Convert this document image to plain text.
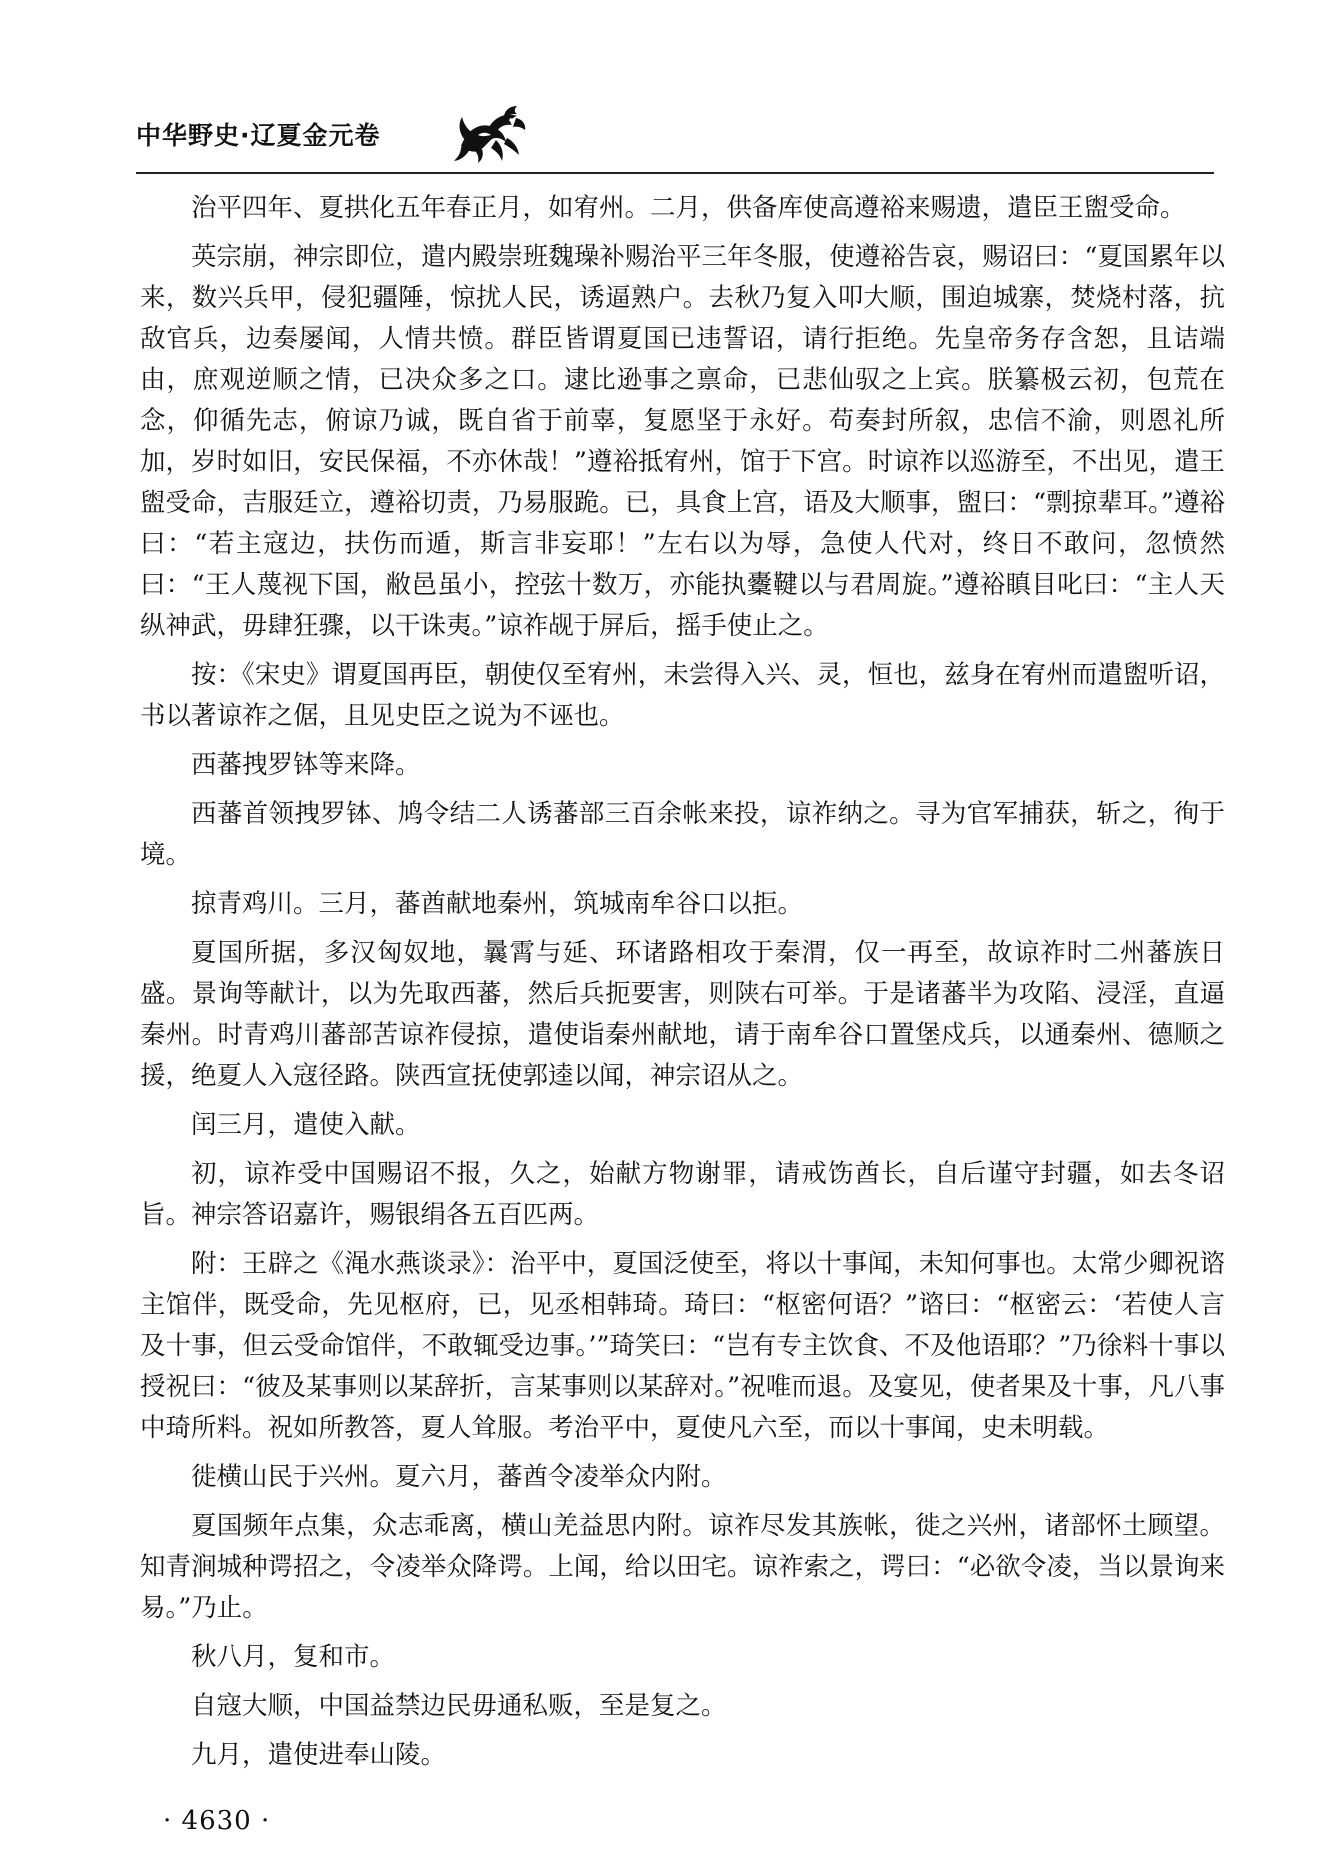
中华野史·辽夏金元卷

治平四年、夏拱化五年春正月，如宥州。二月，供备库使高遵裕来赐遗，遣臣王盥受命。

英宗崩，神宗即位，遣内殿崇班魏璪补赐治平三年冬服，使遵裕告哀，赐诏曰：“夏国累年以来，数兴兵甲，侵犯疆陲，惊扰人民，诱逼熟户。去秋乃复入叩大顺，围迫城寨，焚烧村落，抗敌官兵，边奏屡闻，人情共愤。群臣皆谓夏国已违誓诏，请行拒绝。先皇帝务存含恕，且诘端由，庶观逆顺之情，已决众多之口。逮比逊事之禀命，已悲仙驭之上宾。朕纂极云初，包荒在念，仰循先志，俯谅乃诚，既自省于前辜，复愿坚于永好。苟奏封所叙，忠信不渝，则恩礼所加，岁时如旧，安民保福，不亦休哉！”遵裕抵宥州，馆于下宫。时谅祚以巡游至，不出见，遣王盥受命，吉服廷立，遵裕切责，乃易服跪。已，具食上宫，语及大顺事，盥曰：“剽掠辈耳。”遵裕曰：“若主寇边，扶伤而遁，斯言非妄耶！”左右以为辱，急使人代对，终日不敢问，忽愤然曰：“王人蔑视下国，敝邑虽小，控弦十数万，亦能执櫜鞬以与君周旋。”遵裕瞋目叱曰：“主人天纵神武，毋肆狂骤，以干诛夷。”谅祚觇于屏后，摇手使止之。

按：《宋史》谓夏国再臣，朝使仅至宥州，未尝得入兴、灵，恒也，兹身在宥州而遣盥听诏，书以著谅祚之倨，且见史臣之说为不诬也。

西蕃拽罗钵等来降。

西蕃首领拽罗钵、鸠令结二人诱蕃部三百余帐来投，谅祚纳之。寻为官军捕获，斩之，徇于境。

掠青鸡川。三月，蕃酋献地秦州，筑城南牟谷口以拒。

夏国所据，多汉匈奴地，曩霄与延、环诸路相攻于秦渭，仅一再至，故谅祚时二州蕃族日盛。景询等献计，以为先取西蕃，然后兵扼要害，则陕右可举。于是诸蕃半为攻陷、浸淫，直逼秦州。时青鸡川蕃部苦谅祚侵掠，遣使诣秦州献地，请于南牟谷口置堡戍兵，以通秦州、德顺之援，绝夏人入寇径路。陕西宣抚使郭逵以闻，神宗诏从之。

闰三月，遣使入献。

初，谅祚受中国赐诏不报，久之，始献方物谢罪，请戒饬酋长，自后谨守封疆，如去冬诏旨。神宗答诏嘉许，赐银绢各五百匹两。

附：王辟之《渑水燕谈录》：治平中，夏国泛使至，将以十事闻，未知何事也。太常少卿祝谘主馆伴，既受命，先见枢府，已，见丞相韩琦。琦曰：“枢密何语？”谘曰：“枢密云：‘若使人言及十事，但云受命馆伴，不敢辄受边事。’”琦笑曰：“岂有专主饮食、不及他语耶？”乃徐料十事以授祝曰：“彼及某事则以某辞折，言某事则以某辞对。”祝唯而退。及宴见，使者果及十事，凡八事中琦所料。祝如所教答，夏人耸服。考治平中，夏使凡六至，而以十事闻，史未明载。

徙横山民于兴州。夏六月，蕃酋令凌举众内附。

夏国频年点集，众志乖离，横山羌益思内附。谅祚尽发其族帐，徙之兴州，诸部怀土顾望。知青涧城种谔招之，令凌举众降谔。上闻，给以田宅。谅祚索之，谔曰：“必欲令凌，当以景询来易。”乃止。

秋八月，复和市。

自寇大顺，中国益禁边民毋通私贩，至是复之。

九月，遣使进奉山陵。

· 4630 ·
